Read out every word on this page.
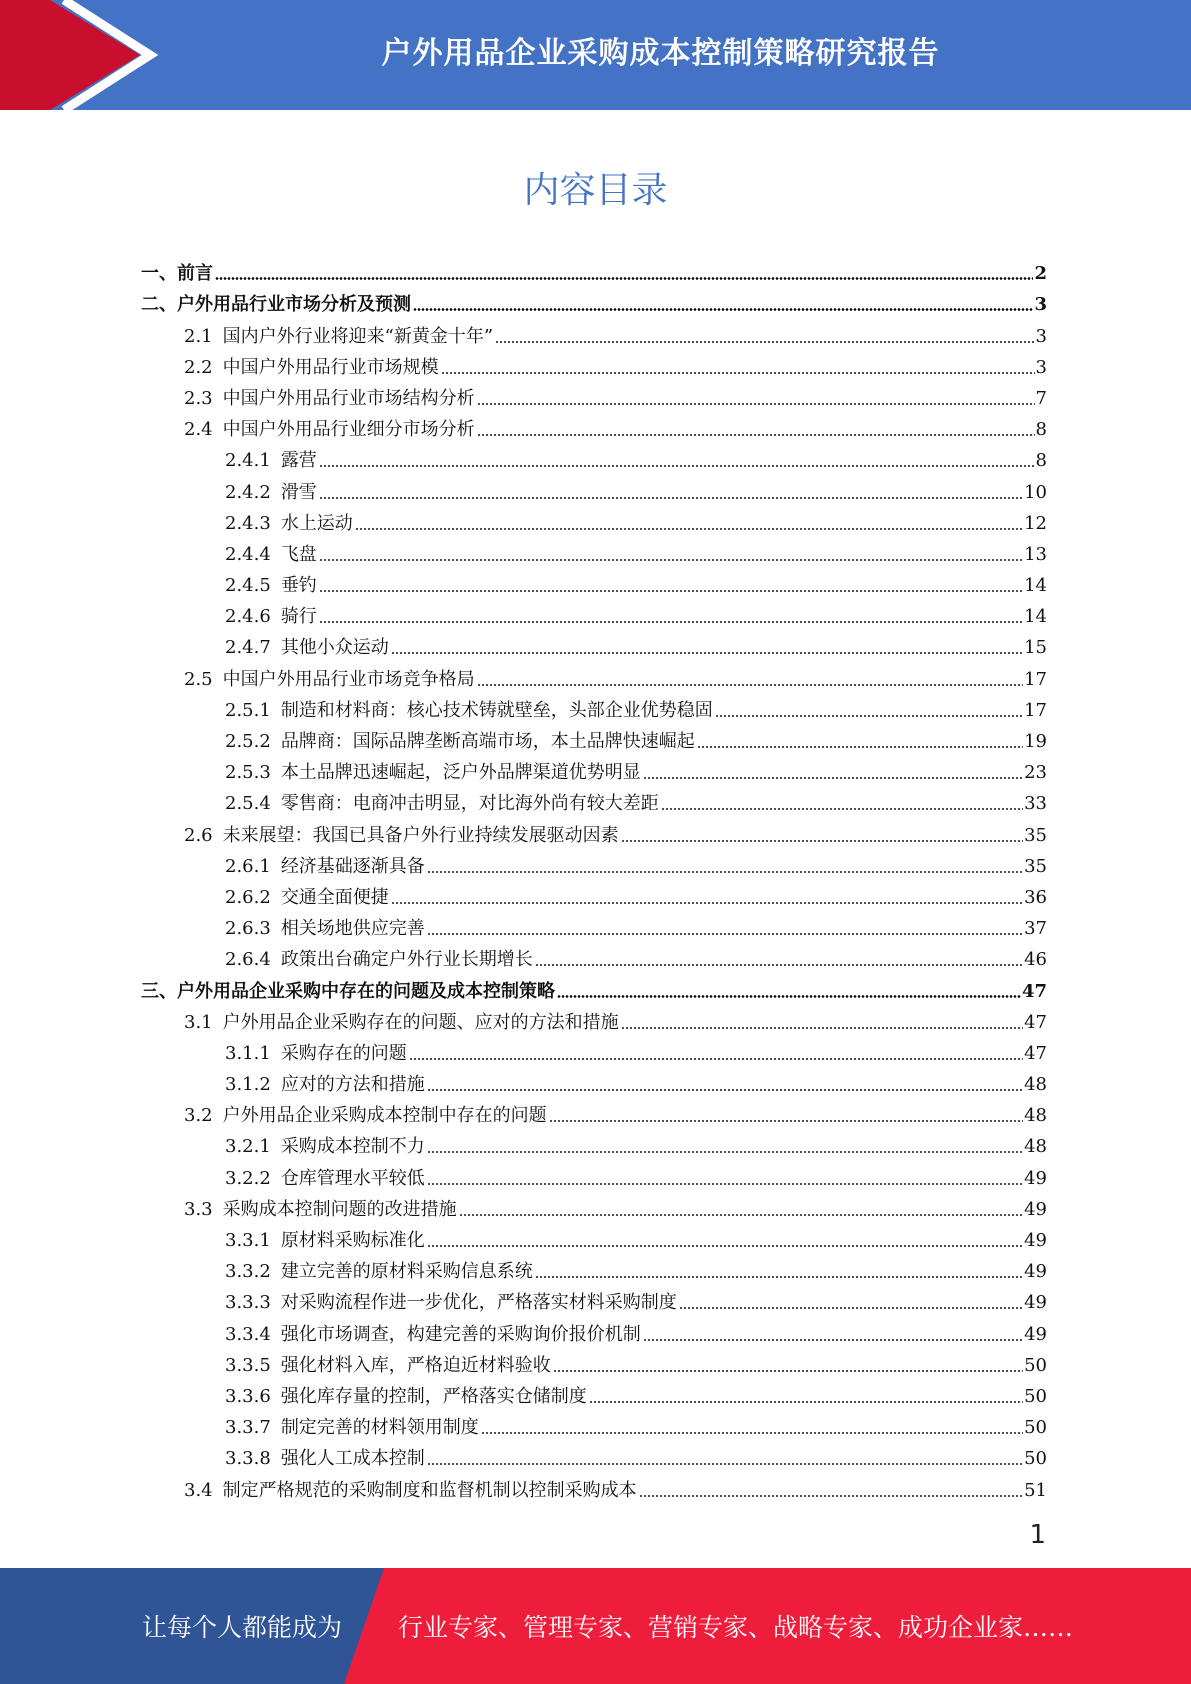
户外用品企业采购成本控制策略研究报告
内容目录
一、 前言	2
二、 户外用品行业市场分析及预测	3
2.1 国内户外行业将迎来“新黄金十年”	3
2.2 中国户外用品行业市场规模	3
2.3 中国户外用品行业市场结构分析	7
2.4 中国户外用品行业细分市场分析	8
2.4.1 露营	8
2.4.2 滑雪	10
2.4.3 水上运动	12
2.4.4 飞盘	13
2.4.5 垂钓	14
2.4.6 骑行	14
2.4.7 其他小众运动	15
2.5 中国户外用品行业市场竞争格局	17
2.5.1 制造和材料商：核心技术铸就壁垒，头部企业优势稳固	17
2.5.2 品牌商：国际品牌垄断高端市场，本土品牌快速崛起	19
2.5.3 本土品牌迅速崛起，泛户外品牌渠道优势明显	23
2.5.4 零售商：电商冲击明显，对比海外尚有较大差距	33
2.6 未来展望：我国已具备户外行业持续发展驱动因素	35
2.6.1 经济基础逐渐具备	35
2.6.2 交通全面便捷	36
2.6.3 相关场地供应完善	37
2.6.4 政策出台确定户外行业长期增长	46
三、 户外用品企业采购中存在的问题及成本控制策略	47
3.1 户外用品企业采购存在的问题、应对的方法和措施	47
3.1.1 采购存在的问题	47
3.1.2 应对的方法和措施	48
3.2 户外用品企业采购成本控制中存在的问题	48
3.2.1 采购成本控制不力	48
3.2.2 仓库管理水平较低	49
3.3 采购成本控制问题的改进措施	49
3.3.1 原材料采购标准化	49
3.3.2 建立完善的原材料采购信息系统	49
3.3.3 对采购流程作进一步优化，严格落实材料采购制度	49
3.3.4 强化市场调查，构建完善的采购询价报价机制	49
3.3.5 强化材料入库，严格迫近材料验收	50
3.3.6 强化库存量的控制，严格落实仓储制度	50
3.3.7 制定完善的材料领用制度	50
3.3.8 强化人工成本控制	50
3.4 制定严格规范的采购制度和监督机制以控制采购成本	51
1
让每个人都能成为 行业专家、管理专家、营销专家、战略专家、成功企业家……
